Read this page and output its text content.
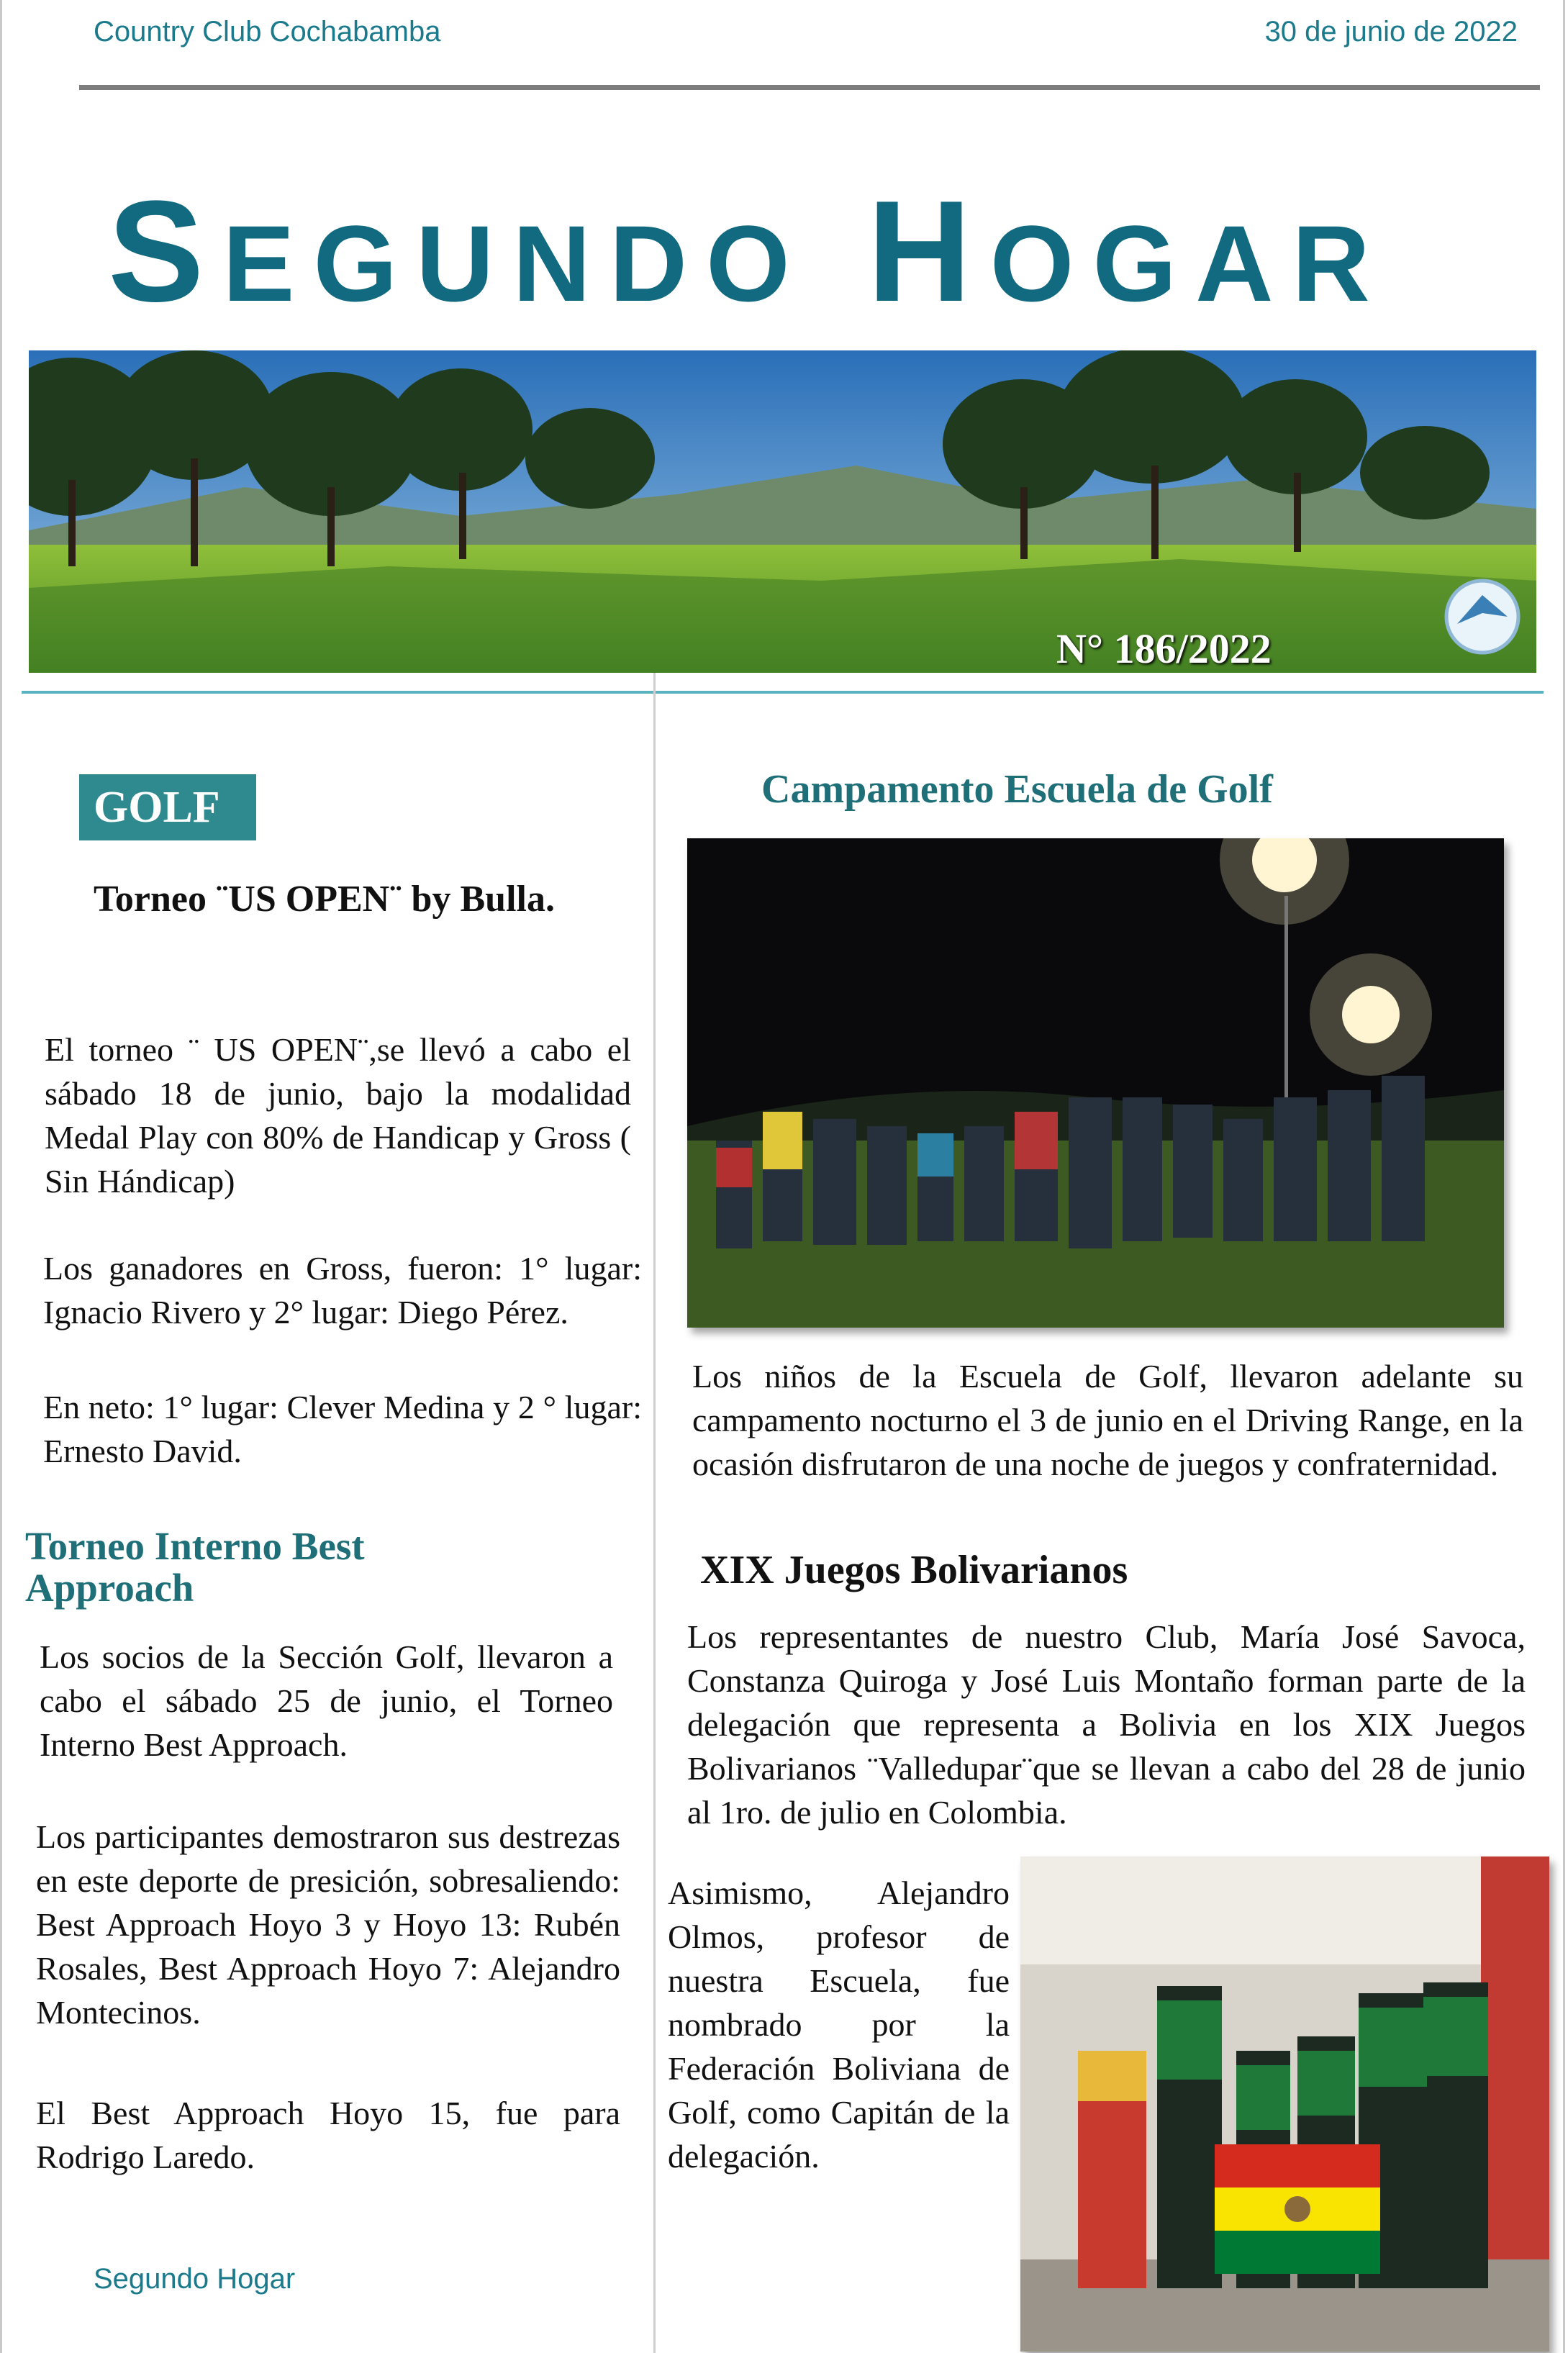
Country Club Cochabamba	30 de junio de 2022
SEGUNDO HOGAR
N° 186/2022
GOLF
Torneo ¨US OPEN¨ by Bulla.
El torneo ¨ US OPEN¨,se llevó a cabo el sábado 18 de junio, bajo la modalidad Medal Play con 80% de Handicap y Gross ( Sin Hándicap)
Los ganadores en Gross, fueron: 1° lugar: Ignacio Rivero y 2° lugar: Diego Pérez.
En neto: 1° lugar: Clever Medina y 2 ° lugar: Ernesto David.
Torneo Interno Best Approach
Los socios de la Sección Golf, llevaron a cabo el sábado 25 de junio, el Torneo Interno Best Approach.
Los participantes demostraron sus destrezas en este deporte de presición, sobresaliendo: Best Approach Hoyo 3 y Hoyo 13: Rubén Rosales, Best Approach Hoyo 7: Alejandro Montecinos.
El Best Approach Hoyo 15, fue para Rodrigo Laredo.
Segundo Hogar
Campamento Escuela de Golf
Los niños de la Escuela de Golf, llevaron adelante su campamento nocturno el 3 de junio en el Driving Range, en la ocasión disfrutaron de una noche de juegos y confraternidad.
XIX Juegos Bolivarianos
Los representantes de nuestro Club, María José Savoca, Constanza Quiroga y José Luis Montaño forman parte de la delegación que representa a Bolivia en los XIX Juegos Bolivarianos ¨Valledupar¨que se llevan a cabo del 28 de junio al 1ro. de julio en Colombia.
Asimismo, Alejandro Olmos, profesor de nuestra Escuela, fue nombrado por la Federación Boliviana de Golf, como Capitán de la delegación.
